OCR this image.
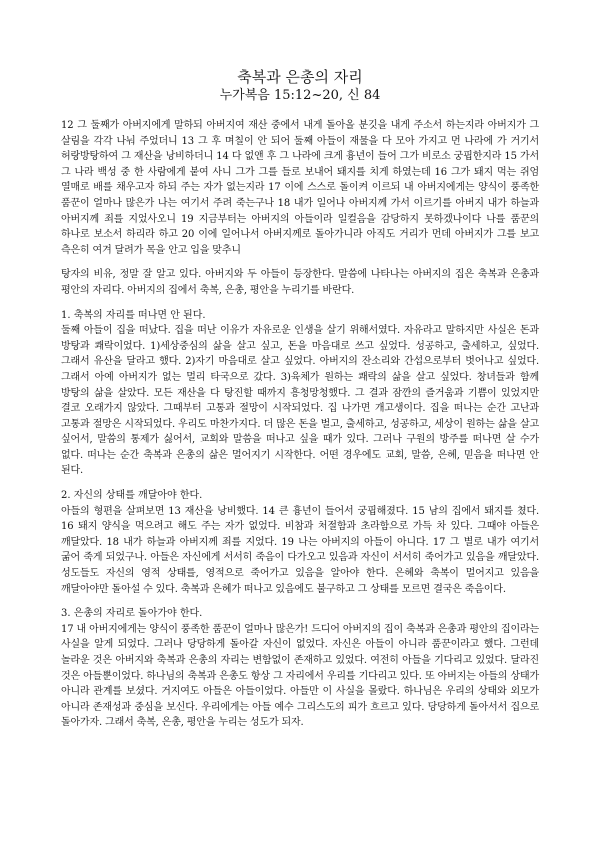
축복과 은총의 자리
누가복음 15:12~20, 신 84

12 그 둘째가 아버지에게 말하되 아버지여 재산 중에서 내게 돌아올 분깃을 내게 주소서 하는지라 아버지가 그 살림을 각각 나눠 주었더니 13 그 후 며칠이 안 되어 둘째 아들이 재물을 다 모아 가지고 먼 나라에 가 거기서 허랑방탕하여 그 재산을 낭비하더니 14 다 없앤 후 그 나라에 크게 흉년이 들어 그가 비로소 궁핍한지라 15 가서 그 나라 백성 중 한 사람에게 붙여 사니 그가 그를 들로 보내어 돼지를 치게 하였는데 16 그가 돼지 먹는 쥐엄 열매로 배를 채우고자 하되 주는 자가 없는지라 17 이에 스스로 돌이켜 이르되 내 아버지에게는 양식이 풍족한 품꾼이 얼마나 많은가 나는 여기서 주려 죽는구나 18 내가 일어나 아버지께 가서 이르기를 아버지 내가 하늘과 아버지께 죄를 지었사오니 19 지금부터는 아버지의 아들이라 일컬음을 감당하지 못하겠나이다 나를 품꾼의 하나로 보소서 하리라 하고 20 이에 일어나서 아버지께로 돌아가니라 아직도 거리가 먼데 아버지가 그를 보고 측은히 여겨 달려가 목을 안고 입을 맞추니

탕자의 비유, 정말 잘 알고 있다. 아버지와 두 아들이 등장한다. 말씀에 나타나는 아버지의 집은 축복과 은총과 평안의 자리다. 아버지의 집에서 축복, 은총, 평안을 누리기를 바란다.

1. 축복의 자리를 떠나면 안 된다.

둘째 아들이 집을 떠났다. 집을 떠난 이유가 자유로운 인생을 살기 위해서였다. 자유라고 말하지만 사실은 돈과 방탕과 쾌락이었다. 1)세상중심의 삶을 살고 싶고, 돈을 마음대로 쓰고 싶었다. 성공하고, 출세하고, 싶었다. 그래서 유산을 달라고 했다. 2)자기 마음대로 살고 싶었다. 아버지의 잔소리와 간섭으로부터 벗어나고 싶었다. 그래서 아예 아버지가 없는 멀리 타국으로 갔다. 3)육체가 원하는 쾌락의 삶을 살고 싶었다. 창녀들과 함께 방탕의 삶을 살았다. 모든 재산을 다 탕진할 때까지 흥청망청했다. 그 결과 잠깐의 즐거움과 기쁨이 있었지만 결코 오래가지 않았다. 그때부터 고통과 절망이 시작되었다. 집 나가면 개고생이다. 집을 떠나는 순간 고난과 고통과 절망은 시작되었다. 우리도 마찬가지다. 더 많은 돈을 벌고, 출세하고, 성공하고, 세상이 원하는 삶을 살고 싶어서, 말씀의 통제가 싫어서, 교회와 말씀을 떠나고 싶을 때가 있다. 그러나 구원의 방주를 떠나면 살 수가 없다. 떠나는 순간 축복과 은총의 삶은 멀어지기 시작한다. 어떤 경우에도 교회, 말씀, 은혜, 믿음을 떠나면 안 된다.

2. 자신의 상태를 깨달아야 한다.

아들의 형편을 살펴보면 13 재산을 낭비했다. 14 큰 흉년이 들어서 궁핍해졌다. 15 남의 집에서 돼지를 쳤다. 16 돼지 양식을 먹으려고 해도 주는 자가 없었다. 비참과 처절함과 초라함으로 가득 차 있다. 그때야 아들은 깨달았다. 18 내가 하늘과 아버지께 죄를 지었다. 19 나는 아버지의 아들이 아니다. 17 그 별로 내가 여기서 굶어 죽게 되었구나. 아들은 자신에게 서서히 죽음이 다가오고 있음과 자신이 서서히 죽어가고 있음을 깨달았다. 성도들도 자신의 영적 상태를, 영적으로 죽어가고 있음을 알아야 한다. 은혜와 축복이 멀어지고 있음을 깨달아야만 돌아설 수 있다. 축복과 은혜가 떠나고 있음에도 불구하고 그 상태를 모르면 결국은 죽음이다.

3. 은총의 자리로 돌아가야 한다.

17 내 아버지에게는 양식이 풍족한 품꾼이 얼마나 많은가! 드디어 아버지의 집이 축복과 은총과 평안의 집이라는 사실을 알게 되었다. 그러나 당당하게 돌아갈 자신이 없었다. 자신은 아들이 아니라 품꾼이라고 했다. 그런데 놀라운 것은 아버지와 축복과 은총의 자리는 변함없이 존재하고 있었다. 여전히 아들을 기다리고 있었다. 달라진 것은 아들뿐이었다. 하나님의 축복과 은총도 항상 그 자리에서 우리를 기다리고 있다. 또 아버지는 아들의 상태가 아니라 관계를 보셨다. 거지여도 아들은 아들이었다. 아들만 이 사실을 몰랐다. 하나님은 우리의 상태와 외모가 아니라 존재성과 중심을 보신다. 우리에게는 아들 예수 그리스도의 피가 흐르고 있다. 당당하게 돌아서서 집으로 돌아가자. 그래서 축복, 은총, 평안을 누리는 성도가 되자.
